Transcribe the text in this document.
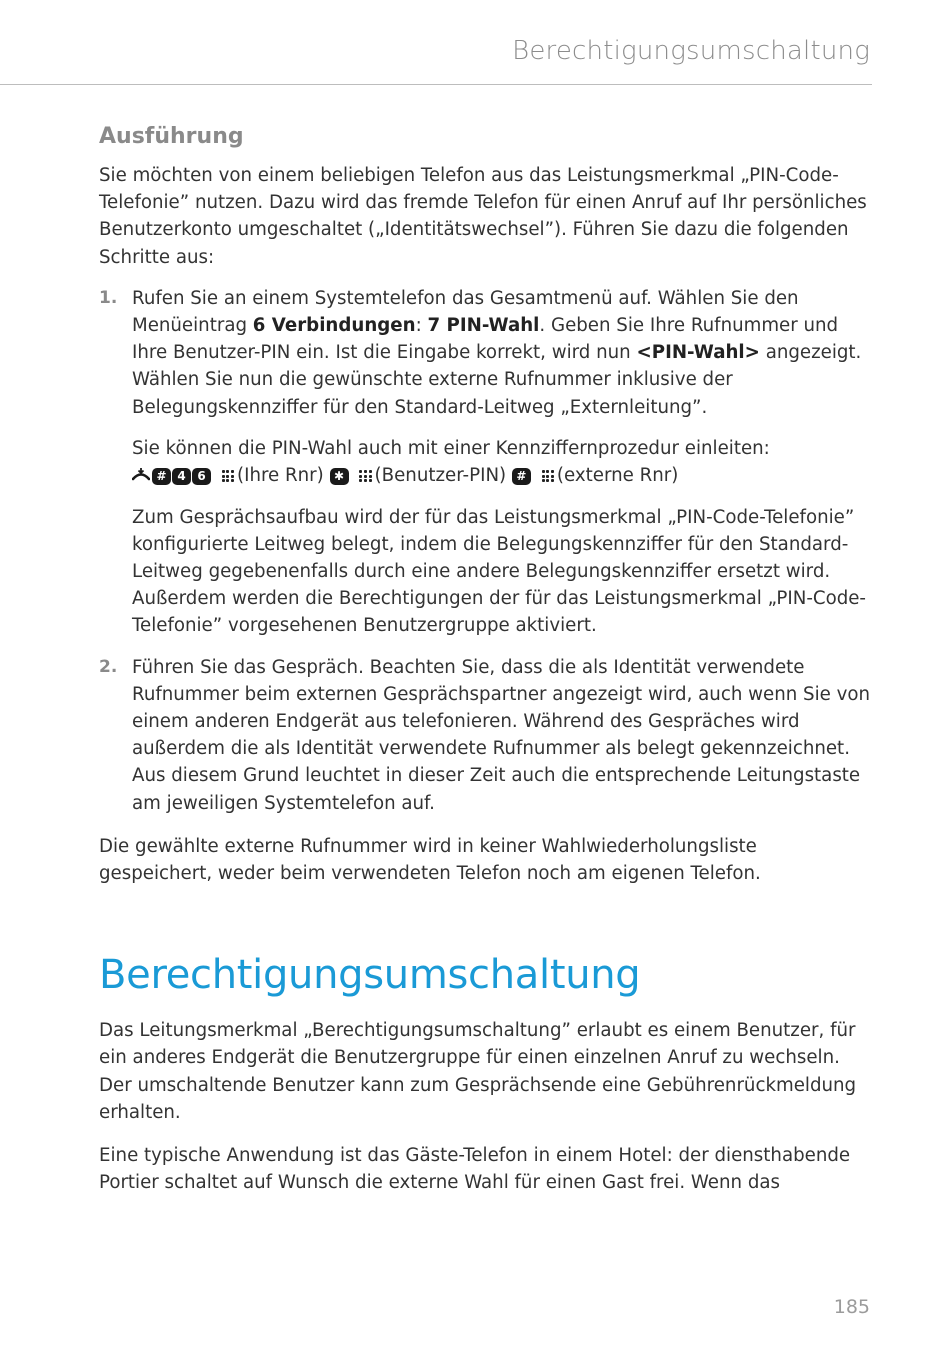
Berechtigungsumschaltung
Ausführung

Sie möchten von einem beliebigen Telefon aus das Leistungsmerkmal „PIN-Code-Telefonie” nutzen. Dazu wird das fremde Telefon für einen Anruf auf Ihr persönliches Benutzerkonto umgeschaltet („Identitätswechsel”). Führen Sie dazu die folgenden Schritte aus:

1. Rufen Sie an einem Systemtelefon das Gesamtmenü auf. Wählen Sie den Menüeintrag 6 Verbindungen: 7 PIN-Wahl. Geben Sie Ihre Rufnummer und Ihre Benutzer-PIN ein. Ist die Eingabe korrekt, wird nun <PIN-Wahl> angezeigt. Wählen Sie nun die gewünschte externe Rufnummer inklusive der Belegungskennziffer für den Standard-Leitweg „Externleitung”.

Sie können die PIN-Wahl auch mit einer Kennziffernprozedur einleiten:
# 4 6 (Ihre Rnr) ✱ (Benutzer-PIN) # (externe Rnr)

Zum Gesprächsaufbau wird der für das Leistungsmerkmal „PIN-Code-Telefonie” konfigurierte Leitweg belegt, indem die Belegungskennziffer für den Standard-Leitweg gegebenenfalls durch eine andere Belegungskennziffer ersetzt wird. Außerdem werden die Berechtigungen der für das Leistungsmerkmal „PIN-Code-Telefonie” vorgesehenen Benutzergruppe aktiviert.

2. Führen Sie das Gespräch. Beachten Sie, dass die als Identität verwendete Rufnummer beim externen Gesprächspartner angezeigt wird, auch wenn Sie von einem anderen Endgerät aus telefonieren. Während des Gespräches wird außerdem die als Identität verwendete Rufnummer als belegt gekennzeichnet. Aus diesem Grund leuchtet in dieser Zeit auch die entsprechende Leitungstaste am jeweiligen Systemtelefon auf.

Die gewählte externe Rufnummer wird in keiner Wahlwiederholungsliste gespeichert, weder beim verwendeten Telefon noch am eigenen Telefon.

Berechtigungsumschaltung

Das Leitungsmerkmal „Berechtigungsumschaltung” erlaubt es einem Benutzer, für ein anderes Endgerät die Benutzergruppe für einen einzelnen Anruf zu wechseln. Der umschaltende Benutzer kann zum Gesprächsende eine Gebührenrückmeldung erhalten.

Eine typische Anwendung ist das Gäste-Telefon in einem Hotel: der diensthabende Portier schaltet auf Wunsch die externe Wahl für einen Gast frei. Wenn das

185
